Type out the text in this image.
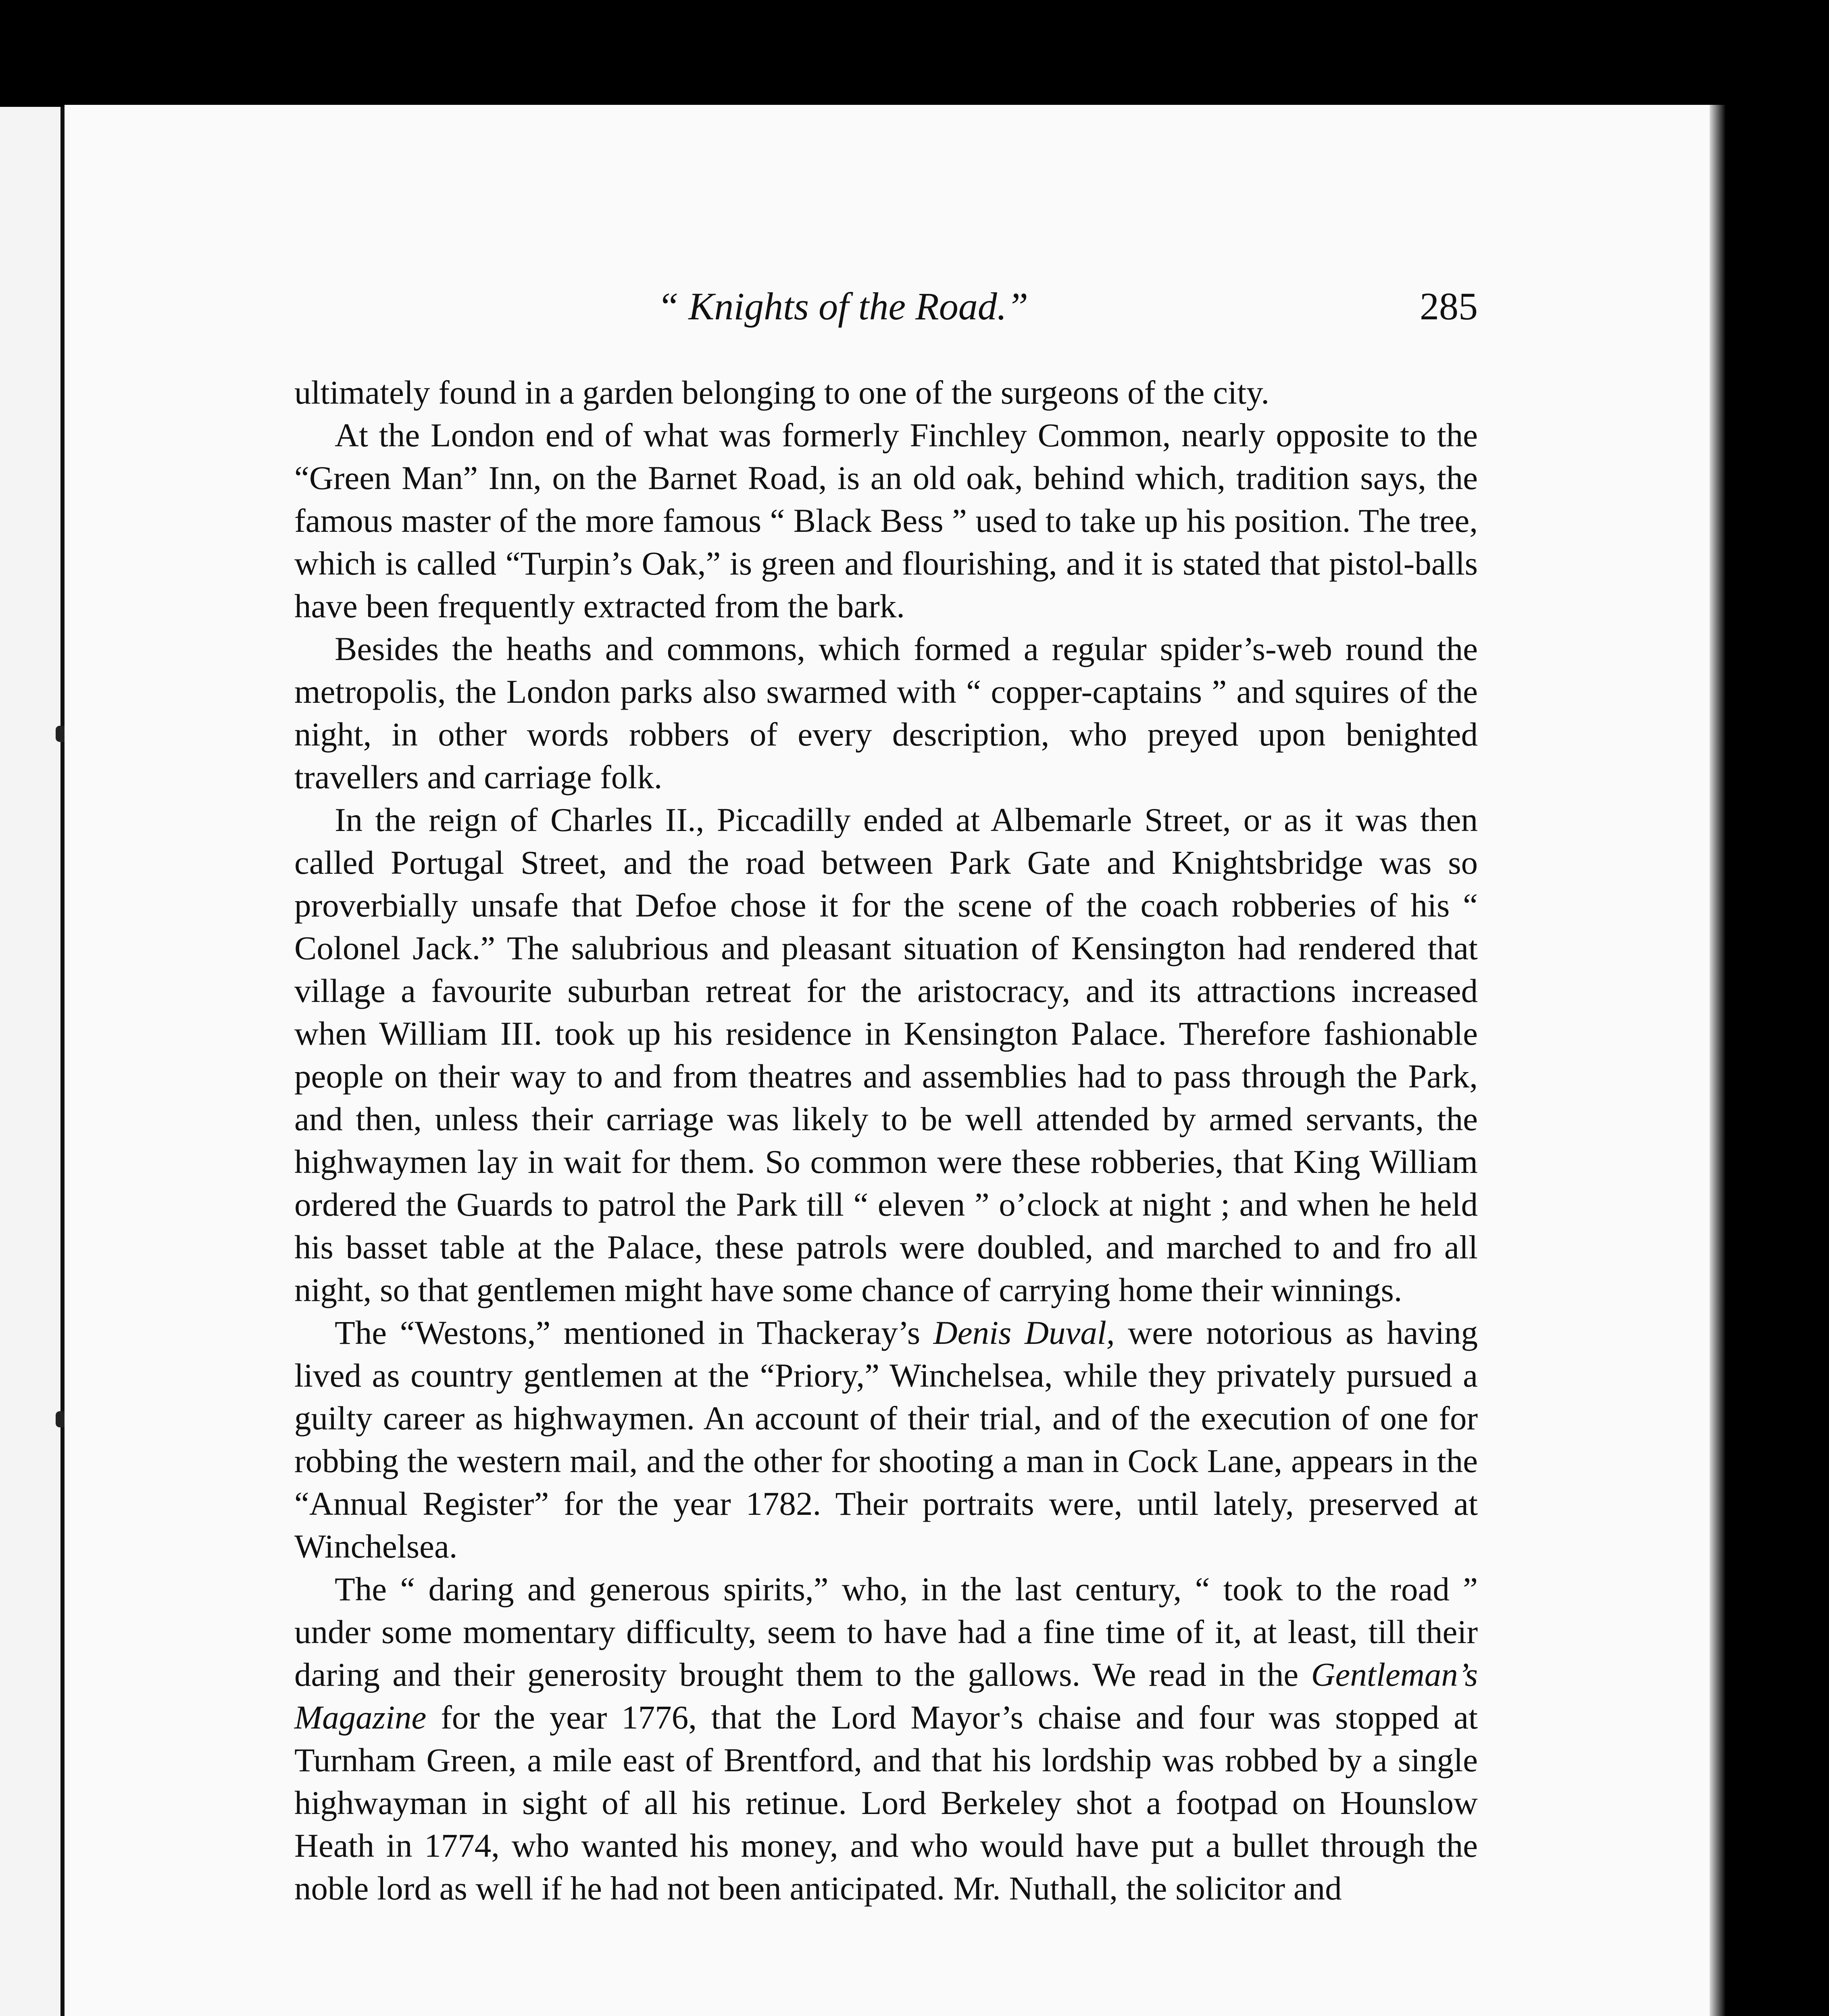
“ Knights of the Road.”	285

ultimately found in a garden belonging to one of the surgeons of the city.

At the London end of what was formerly Finchley Common, nearly opposite to the “Green Man” Inn, on the Barnet Road, is an old oak, behind which, tradition says, the famous master of the more famous “ Black Bess ” used to take up his position. The tree, which is called “Turpin’s Oak,” is green and flourishing, and it is stated that pistol-balls have been frequently extracted from the bark.

Besides the heaths and commons, which formed a regular spider’s-web round the metropolis, the London parks also swarmed with “ copper-captains ” and squires of the night, in other words robbers of every description, who preyed upon benighted travellers and carriage folk.

In the reign of Charles II., Piccadilly ended at Albemarle Street, or as it was then called Portugal Street, and the road between Park Gate and Knightsbridge was so proverbially unsafe that Defoe chose it for the scene of the coach robberies of his “ Colonel Jack.” The salubrious and pleasant situation of Kensington had rendered that village a favourite suburban retreat for the aristocracy, and its attractions increased when William III. took up his residence in Kensington Palace. Therefore fashionable people on their way to and from theatres and assemblies had to pass through the Park, and then, unless their carriage was likely to be well attended by armed servants, the highwaymen lay in wait for them. So common were these robberies, that King William ordered the Guards to patrol the Park till “ eleven ” o’clock at night ; and when he held his basset table at the Palace, these patrols were doubled, and marched to and fro all night, so that gentlemen might have some chance of carrying home their winnings.

The “Westons,” mentioned in Thackeray’s Denis Duval, were notorious as having lived as country gentlemen at the “Priory,” Winchelsea, while they privately pursued a guilty career as highwaymen. An account of their trial, and of the execution of one for robbing the western mail, and the other for shooting a man in Cock Lane, appears in the “Annual Register” for the year 1782. Their portraits were, until lately, preserved at Winchelsea.

The “ daring and generous spirits,” who, in the last century, “ took to the road ” under some momentary difficulty, seem to have had a fine time of it, at least, till their daring and their generosity brought them to the gallows. We read in the Gentleman’s Magazine for the year 1776, that the Lord Mayor’s chaise and four was stopped at Turnham Green, a mile east of Brentford, and that his lordship was robbed by a single highwayman in sight of all his retinue. Lord Berkeley shot a footpad on Hounslow Heath in 1774, who wanted his money, and who would have put a bullet through the noble lord as well if he had not been anticipated. Mr. Nuthall, the solicitor and
